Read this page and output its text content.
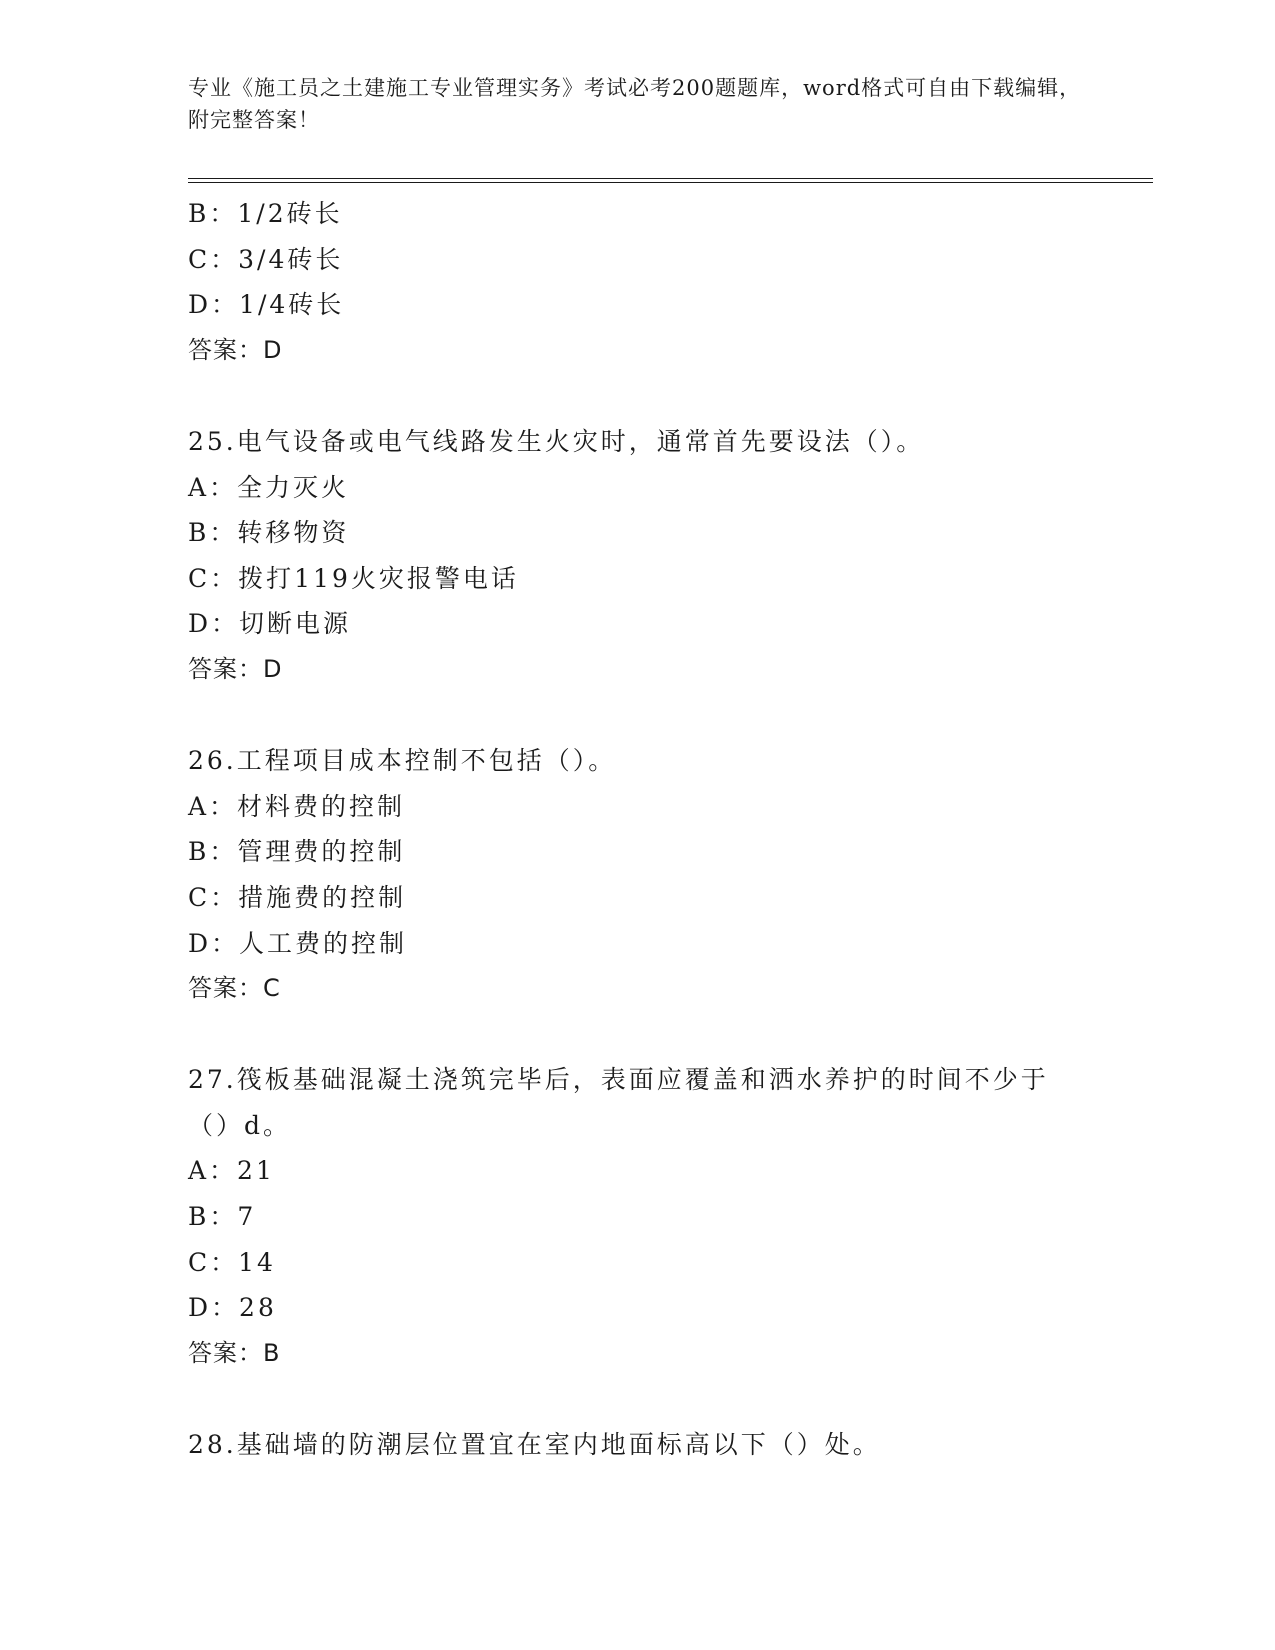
专业《施工员之土建施工专业管理实务》考试必考200题题库，word格式可自由下载编辑，附完整答案！
B：1/2砖长
C：3/4砖长
D：1/4砖长
答案：D
25.电气设备或电气线路发生火灾时，通常首先要设法（）。
A：全力灭火
B：转移物资
C：拨打119火灾报警电话
D：切断电源
答案：D
26.工程项目成本控制不包括（）。
A：材料费的控制
B：管理费的控制
C：措施费的控制
D：人工费的控制
答案：C
27.筏板基础混凝土浇筑完毕后，表面应覆盖和洒水养护的时间不少于（）d。
A：21
B：7
C：14
D：28
答案：B
28.基础墙的防潮层位置宜在室内地面标高以下（）处。
